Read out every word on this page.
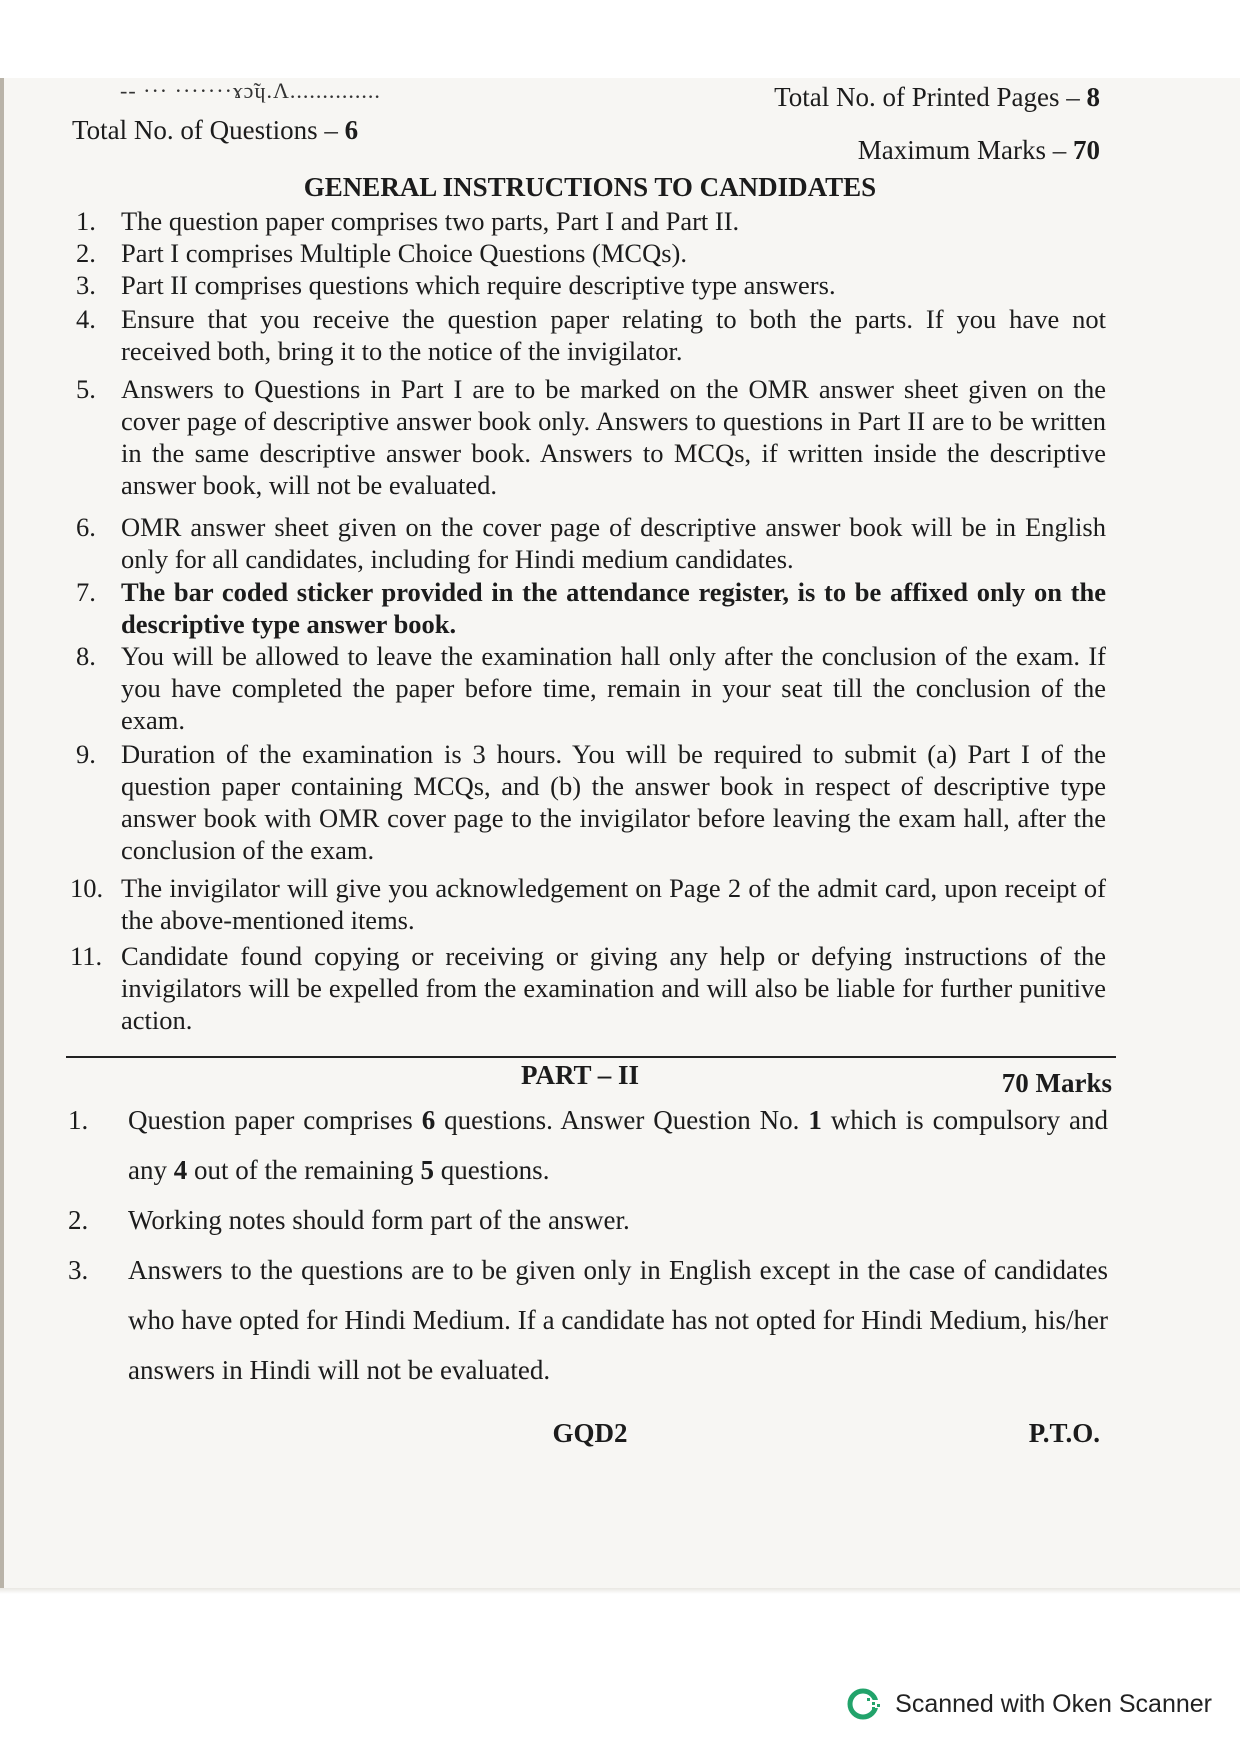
-- ··· ·······ɤɔ̃ɥ.Ʌ..............	Total No. of Printed Pages – 8
Total No. of Questions – 6
Maximum Marks – 70
GENERAL INSTRUCTIONS TO CANDIDATES
1. The question paper comprises two parts, Part I and Part II.
2. Part I comprises Multiple Choice Questions (MCQs).
3. Part II comprises questions which require descriptive type answers.
4. Ensure that you receive the question paper relating to both the parts. If you have not received both, bring it to the notice of the invigilator.
5. Answers to Questions in Part I are to be marked on the OMR answer sheet given on the cover page of descriptive answer book only. Answers to questions in Part II are to be written in the same descriptive answer book. Answers to MCQs, if written inside the descriptive answer book, will not be evaluated.
6. OMR answer sheet given on the cover page of descriptive answer book will be in English only for all candidates, including for Hindi medium candidates.
7. The bar coded sticker provided in the attendance register, is to be affixed only on the descriptive type answer book.
8. You will be allowed to leave the examination hall only after the conclusion of the exam. If you have completed the paper before time, remain in your seat till the conclusion of the exam.
9. Duration of the examination is 3 hours. You will be required to submit (a) Part I of the question paper containing MCQs, and (b) the answer book in respect of descriptive type answer book with OMR cover page to the invigilator before leaving the exam hall, after the conclusion of the exam.
10. The invigilator will give you acknowledgement on Page 2 of the admit card, upon receipt of the above-mentioned items.
11. Candidate found copying or receiving or giving any help or defying instructions of the invigilators will be expelled from the examination and will also be liable for further punitive action.
PART – II	70 Marks
1. Question paper comprises 6 questions. Answer Question No. 1 which is compulsory and any 4 out of the remaining 5 questions.
2. Working notes should form part of the answer.
3. Answers to the questions are to be given only in English except in the case of candidates who have opted for Hindi Medium. If a candidate has not opted for Hindi Medium, his/her answers in Hindi will not be evaluated.
GQD2	P.T.O.
Scanned with Oken Scanner
